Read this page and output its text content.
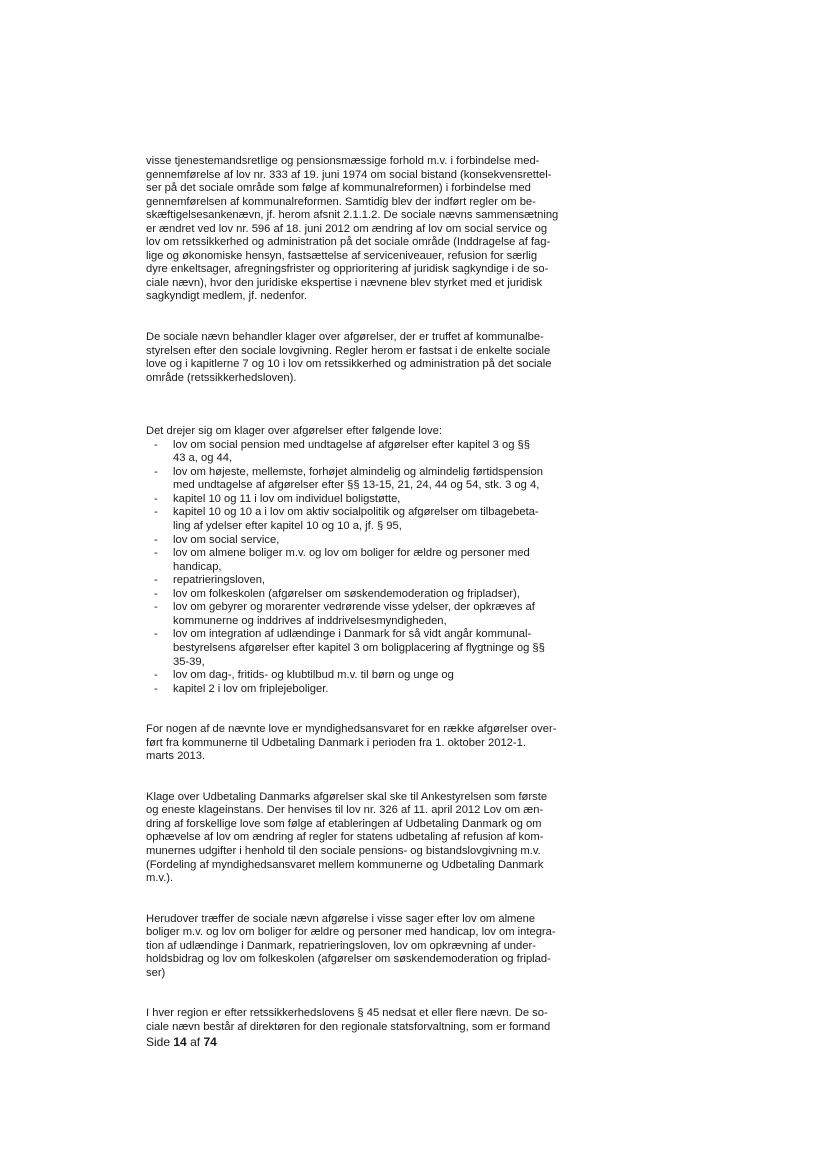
visse tjenestemandsretlige og pensionsmæssige forhold m.v. i forbindelse med-
gennemførelse af lov nr. 333 af 19. juni 1974 om social bistand (konsekvensrettel-
ser på det sociale område som følge af kommunalreformen) i forbindelse med
gennemførelsen af kommunalreformen. Samtidig blev der indført regler om be-
skæftigelsesankenævn, jf. herom afsnit 2.1.1.2. De sociale nævns sammensætning
er ændret ved lov nr. 596 af 18. juni 2012 om ændring af lov om social service og
lov om retssikkerhed og administration på det sociale område (Inddragelse af fag-
lige og økonomiske hensyn, fastsættelse af serviceniveauer, refusion for særlig
dyre enkeltsager, afregningsfrister og opprioritering af juridisk sagkyndige i de so-
ciale nævn), hvor den juridiske ekspertise i nævnene blev styrket med et juridisk
sagkyndigt medlem, jf. nedenfor.

De sociale nævn behandler klager over afgørelser, der er truffet af kommunalbe-
styrelsen efter den sociale lovgivning. Regler herom er fastsat i de enkelte sociale
love og i kapitlerne 7 og 10 i lov om retssikkerhed og administration på det sociale
område (retssikkerhedsloven).

Det drejer sig om klager over afgørelser efter følgende love:
- lov om social pension med undtagelse af afgørelser efter kapitel 3 og §§
43 a, og 44,
- lov om højeste, mellemste, forhøjet almindelig og almindelig førtidspension
med undtagelse af afgørelser efter §§ 13-15, 21, 24, 44 og 54, stk. 3 og 4,
- kapitel 10 og 11 i lov om individuel boligstøtte,
- kapitel 10 og 10 a i lov om aktiv socialpolitik og afgørelser om tilbagebeta-
ling af ydelser efter kapitel 10 og 10 a, jf. § 95,
- lov om social service,
- lov om almene boliger m.v. og lov om boliger for ældre og personer med
handicap,
- repatrieringsloven,
- lov om folkeskolen (afgørelser om søskendemoderation og fripladser),
- lov om gebyrer og morarenter vedrørende visse ydelser, der opkræves af
kommunerne og inddrives af inddrivelsesmyndigheden,
- lov om integration af udlændinge i Danmark for så vidt angår kommunal-
bestyrelsens afgørelser efter kapitel 3 om boligplacering af flygtninge og §§
35-39,
- lov om dag-, fritids- og klubtilbud m.v. til børn og unge og
- kapitel 2 i lov om friplejeboliger.

For nogen af de nævnte love er myndighedsansvaret for en række afgørelser over-
ført fra kommunerne til Udbetaling Danmark i perioden fra 1. oktober 2012-1.
marts 2013.

Klage over Udbetaling Danmarks afgørelser skal ske til Ankestyrelsen som første
og eneste klageinstans. Der henvises til lov nr. 326 af 11. april 2012 Lov om æn-
dring af forskellige love som følge af etableringen af Udbetaling Danmark og om
ophævelse af lov om ændring af regler for statens udbetaling af refusion af kom-
munernes udgifter i henhold til den sociale pensions- og bistandslovgivning m.v.
(Fordeling af myndighedsansvaret mellem kommunerne og Udbetaling Danmark
m.v.).

Herudover træffer de sociale nævn afgørelse i visse sager efter lov om almene
boliger m.v. og lov om boliger for ældre og personer med handicap, lov om integra-
tion af udlændinge i Danmark, repatrieringsloven, lov om opkrævning af under-
holdsbidrag og lov om folkeskolen (afgørelser om søskendemoderation og friplad-
ser)

I hver region er efter retssikkerhedslovens § 45 nedsat et eller flere nævn. De so-
ciale nævn består af direktøren for den regionale statsforvaltning, som er formand

Side 14 af 74
